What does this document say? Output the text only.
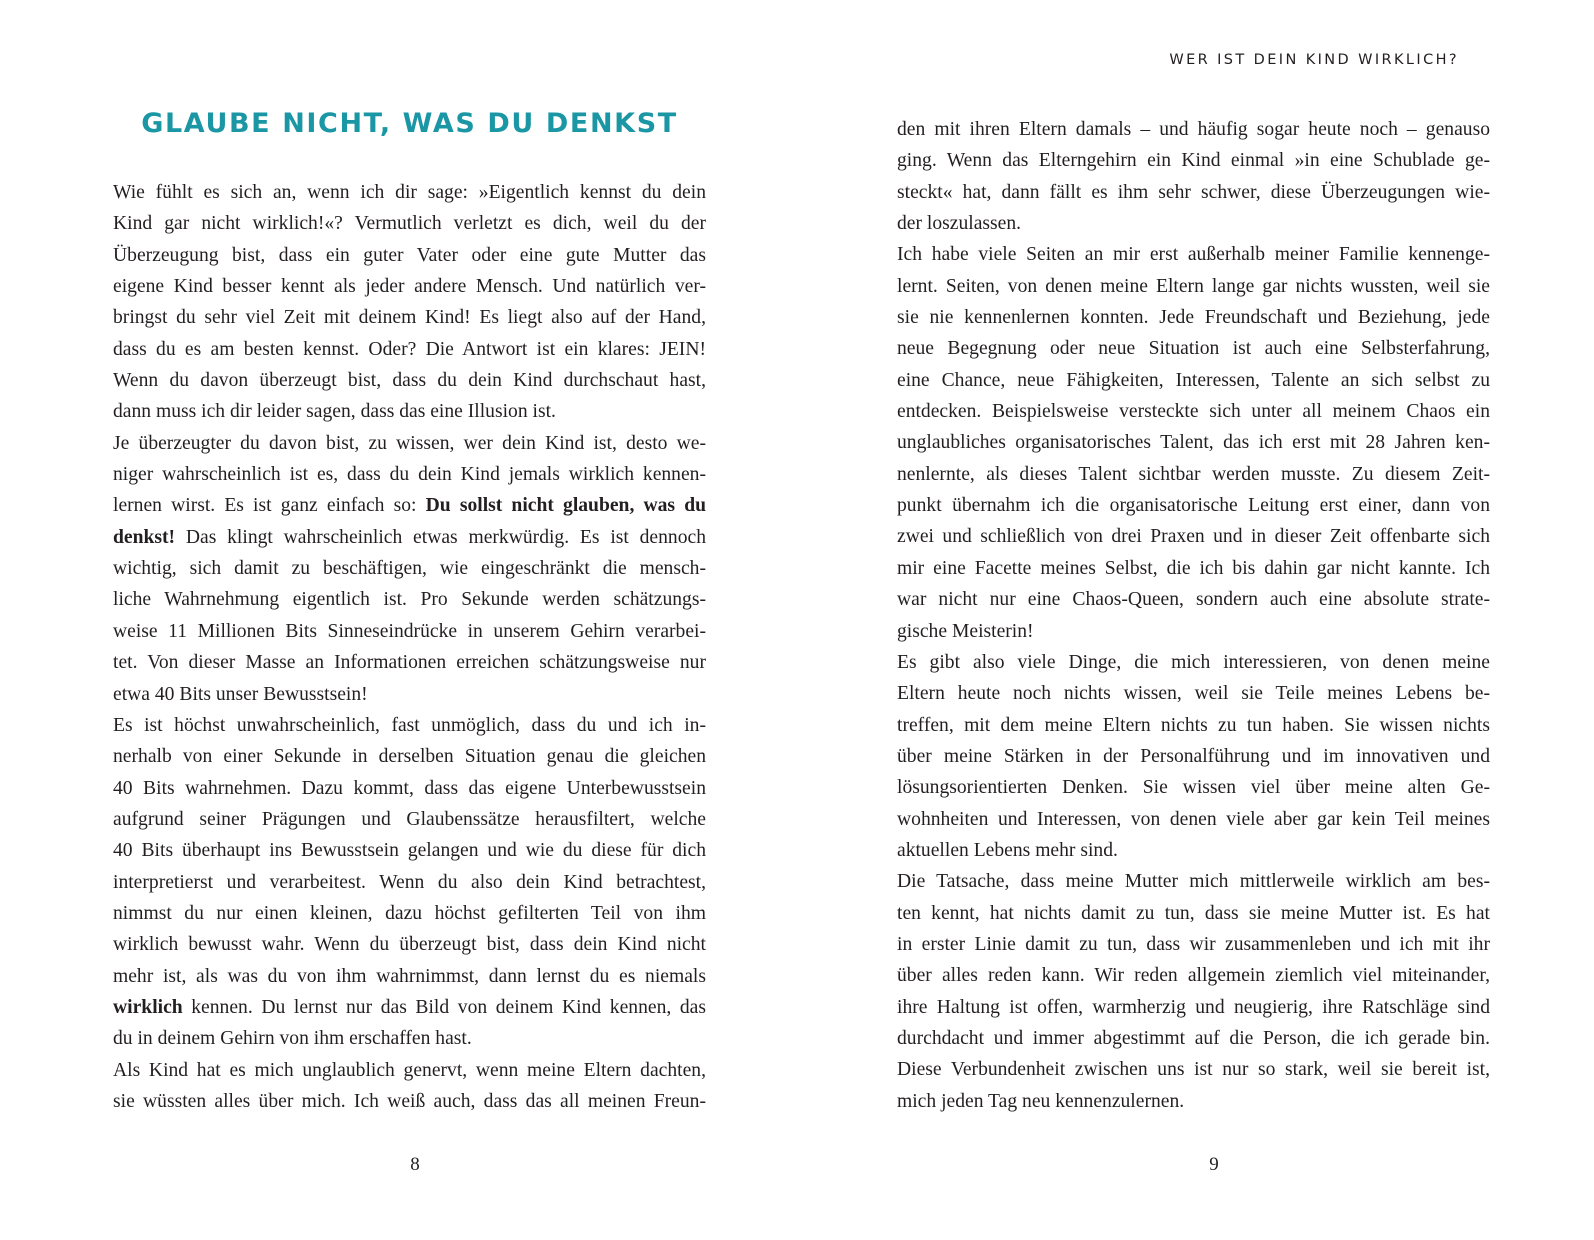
GLAUBE NICHT, WAS DU DENKST
Wie fühlt es sich an, wenn ich dir sage: »Eigentlich kennst du dein
Kind gar nicht wirklich!«? Vermutlich verletzt es dich, weil du der
Überzeugung bist, dass ein guter Vater oder eine gute Mutter das
eigene Kind besser kennt als jeder andere Mensch. Und natürlich ver-
bringst du sehr viel Zeit mit deinem Kind! Es liegt also auf der Hand,
dass du es am besten kennst. Oder? Die Antwort ist ein klares: JEIN!
Wenn du davon überzeugt bist, dass du dein Kind durchschaut hast,
dann muss ich dir leider sagen, dass das eine Illusion ist.
Je überzeugter du davon bist, zu wissen, wer dein Kind ist, desto we-
niger wahrscheinlich ist es, dass du dein Kind jemals wirklich kennen-
lernen wirst. Es ist ganz einfach so: Du sollst nicht glauben, was du
denkst! Das klingt wahrscheinlich etwas merkwürdig. Es ist dennoch
wichtig, sich damit zu beschäftigen, wie eingeschränkt die mensch-
liche Wahrnehmung eigentlich ist. Pro Sekunde werden schätzungs-
weise 11 Millionen Bits Sinneseindrücke in unserem Gehirn verarbei-
tet. Von dieser Masse an Informationen erreichen schätzungsweise nur
etwa 40 Bits unser Bewusstsein!
Es ist höchst unwahrscheinlich, fast unmöglich, dass du und ich in-
nerhalb von einer Sekunde in derselben Situation genau die gleichen
40 Bits wahrnehmen. Dazu kommt, dass das eigene Unterbewusstsein
aufgrund seiner Prägungen und Glaubenssätze herausfiltert, welche
40 Bits überhaupt ins Bewusstsein gelangen und wie du diese für dich
interpretierst und verarbeitest. Wenn du also dein Kind betrachtest,
nimmst du nur einen kleinen, dazu höchst gefilterten Teil von ihm
wirklich bewusst wahr. Wenn du überzeugt bist, dass dein Kind nicht
mehr ist, als was du von ihm wahrnimmst, dann lernst du es niemals
wirklich kennen. Du lernst nur das Bild von deinem Kind kennen, das
du in deinem Gehirn von ihm erschaffen hast.
Als Kind hat es mich unglaublich genervt, wenn meine Eltern dachten,
sie wüssten alles über mich. Ich weiß auch, dass das all meinen Freun-
8
WER IST DEIN KIND WIRKLICH?
den mit ihren Eltern damals – und häufig sogar heute noch – genauso
ging. Wenn das Elterngehirn ein Kind einmal »in eine Schublade ge-
steckt« hat, dann fällt es ihm sehr schwer, diese Überzeugungen wie-
der loszulassen.
Ich habe viele Seiten an mir erst außerhalb meiner Familie kennenge-
lernt. Seiten, von denen meine Eltern lange gar nichts wussten, weil sie
sie nie kennenlernen konnten. Jede Freundschaft und Beziehung, jede
neue Begegnung oder neue Situation ist auch eine Selbsterfahrung,
eine Chance, neue Fähigkeiten, Interessen, Talente an sich selbst zu
entdecken. Beispielsweise versteckte sich unter all meinem Chaos ein
unglaubliches organisatorisches Talent, das ich erst mit 28 Jahren ken-
nenlernte, als dieses Talent sichtbar werden musste. Zu diesem Zeit-
punkt übernahm ich die organisatorische Leitung erst einer, dann von
zwei und schließlich von drei Praxen und in dieser Zeit offenbarte sich
mir eine Facette meines Selbst, die ich bis dahin gar nicht kannte. Ich
war nicht nur eine Chaos-Queen, sondern auch eine absolute strate-
gische Meisterin!
Es gibt also viele Dinge, die mich interessieren, von denen meine
Eltern heute noch nichts wissen, weil sie Teile meines Lebens be-
treffen, mit dem meine Eltern nichts zu tun haben. Sie wissen nichts
über meine Stärken in der Personalführung und im innovativen und
lösungsorientierten Denken. Sie wissen viel über meine alten Ge-
wohnheiten und Interessen, von denen viele aber gar kein Teil meines
aktuellen Lebens mehr sind.
Die Tatsache, dass meine Mutter mich mittlerweile wirklich am bes-
ten kennt, hat nichts damit zu tun, dass sie meine Mutter ist. Es hat
in erster Linie damit zu tun, dass wir zusammenleben und ich mit ihr
über alles reden kann. Wir reden allgemein ziemlich viel miteinander,
ihre Haltung ist offen, warmherzig und neugierig, ihre Ratschläge sind
durchdacht und immer abgestimmt auf die Person, die ich gerade bin.
Diese Verbundenheit zwischen uns ist nur so stark, weil sie bereit ist,
mich jeden Tag neu kennenzulernen.
9
